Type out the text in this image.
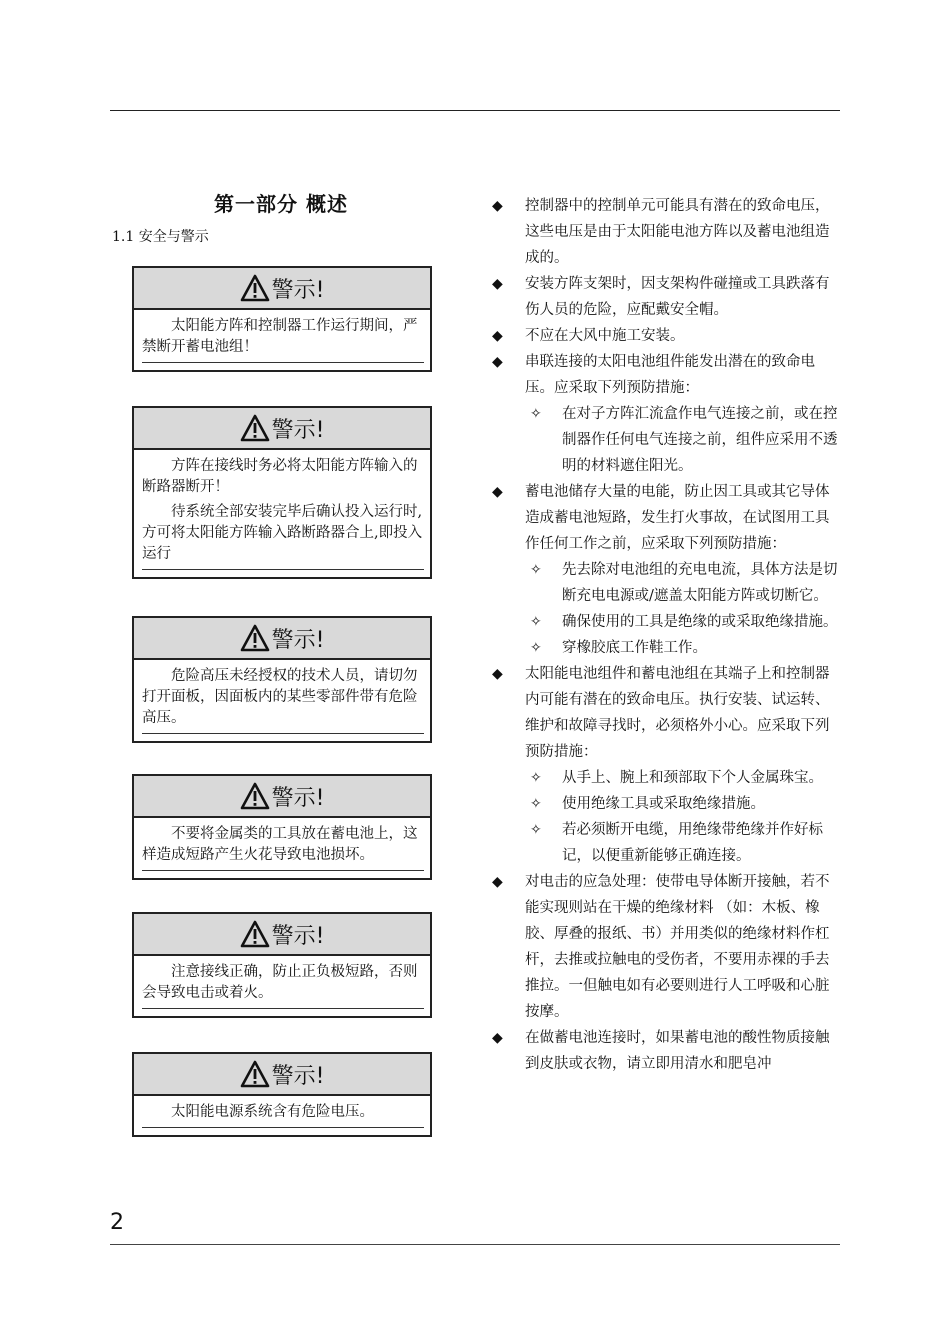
第一部分 概述
1.1 安全与警示
警示!

太阳能方阵和控制器工作运行期间，严禁断开蓄电池组！

警示!

方阵在接线时务必将太阳能方阵输入的断路器断开！

待系统全部安装完毕后确认投入运行时,方可将太阳能方阵输入路断路器合上,即投入运行

警示!

危险高压未经授权的技术人员，请切勿打开面板，因面板内的某些零部件带有危险高压。

警示!

不要将金属类的工具放在蓄电池上，这样造成短路产生火花导致电池损坏。

警示!

注意接线正确，防止正负极短路，否则会导致电击或着火。

警示!

太阳能电源系统含有危险电压。

◆ 控制器中的控制单元可能具有潜在的致命电压，这些电压是由于太阳能电池方阵以及蓄电池组造成的。
◆ 安装方阵支架时，因支架构件碰撞或工具跌落有伤人员的危险，应配戴安全帽。
◆ 不应在大风中施工安装。
◆ 串联连接的太阳电池组件能发出潜在的致命电压。应采取下列预防措施：
✧ 在对子方阵汇流盒作电气连接之前，或在控制器作任何电气连接之前，组件应采用不透明的材料遮住阳光。
◆ 蓄电池储存大量的电能，防止因工具或其它导体造成蓄电池短路，发生打火事故，在试图用工具作任何工作之前，应采取下列预防措施：
✧ 先去除对电池组的充电电流，具体方法是切断充电电源或/遮盖太阳能方阵或切断它。
✧ 确保使用的工具是绝缘的或采取绝缘措施。
✧ 穿橡胶底工作鞋工作。
◆ 太阳能电池组件和蓄电池组在其端子上和控制器内可能有潜在的致命电压。执行安装、试运转、维护和故障寻找时，必须格外小心。应采取下列预防措施：
✧ 从手上、腕上和颈部取下个人金属珠宝。
✧ 使用绝缘工具或采取绝缘措施。
✧ 若必须断开电缆，用绝缘带绝缘并作好标记，以便重新能够正确连接。
◆ 对电击的应急处理：使带电导体断开接触，若不能实现则站在干燥的绝缘材料 （如：木板、橡胶、厚叠的报纸、书）并用类似的绝缘材料作杠杆，去推或拉触电的受伤者，不要用赤裸的手去推拉。一但触电如有必要则进行人工呼吸和心脏按摩。
◆ 在做蓄电池连接时，如果蓄电池的酸性物质接触到皮肤或衣物，请立即用清水和肥皂冲
2
